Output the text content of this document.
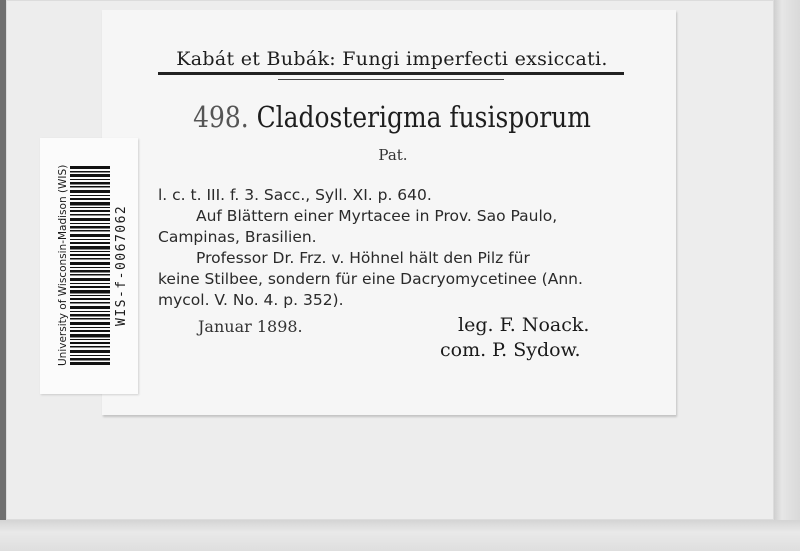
Kabát et Bubák: Fungi imperfecti exsiccati.
498. Cladosterigma fusisporum
Pat.
l. c. t. III. f. 3. Sacc., Syll. XI. p. 640.
Auf Blättern einer Myrtacee in Prov. Sao Paulo,
Campinas, Brasilien.
Professor Dr. Frz. v. Höhnel hält den Pilz für
keine Stilbee, sondern für eine Dacryomycetinee (Ann.
mycol. V. No. 4. p. 352).
Januar 1898.	leg. F. Noack.
com. P. Sydow.
University of Wisconsin-Madison (WIS)	WIS-f-0067062
